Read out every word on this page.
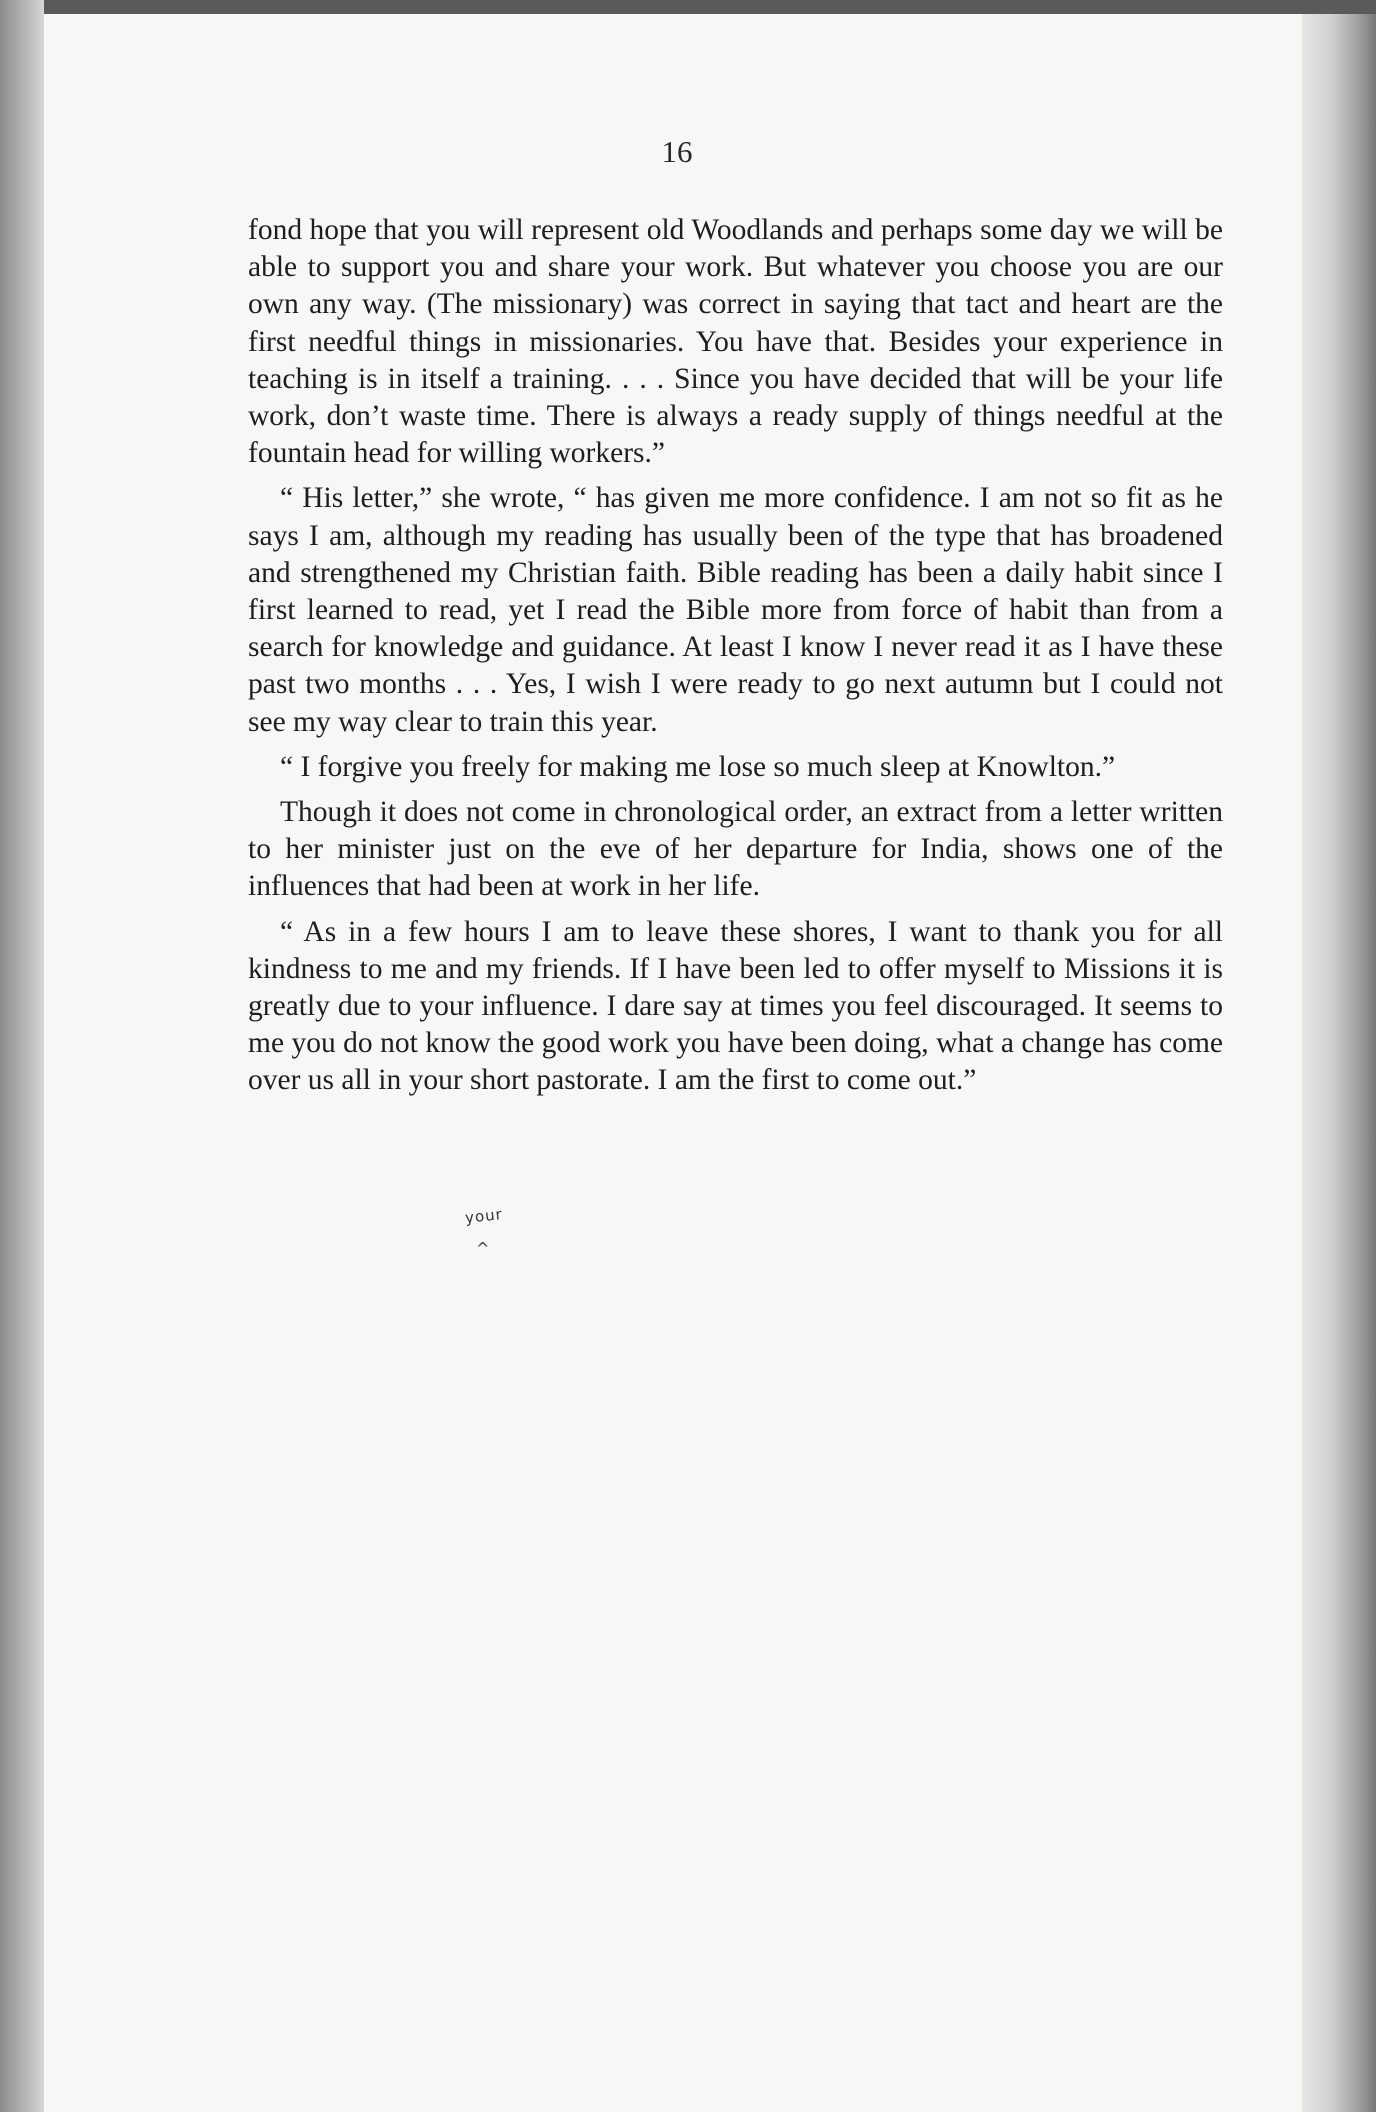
16

fond hope that you will represent old Woodlands and perhaps some day we will be able to support you and share your work. But whatever you choose you are our own any way. (The missionary) was correct in saying that tact and heart are the first needful things in missionaries. You have that. Besides your experience in teaching is in itself a training. . . . Since you have decided that will be your life work, don’t waste time. There is always a ready supply of things needful at the fountain head for willing workers.”

“ His letter,” she wrote, “ has given me more confidence. I am not so fit as he says I am, although my reading has usually been of the type that has broadened and strengthened my Christian faith. Bible reading has been a daily habit since I first learned to read, yet I read the Bible more from force of habit than from a search for knowledge and guidance. At least I know I never read it as I have these past two months . . . Yes, I wish I were ready to go next autumn but I could not see my way clear to train this year.

“ I forgive you freely for making me lose so much sleep at Knowlton.”

Though it does not come in chronological order, an extract from a letter written to her minister just on the eve of her departure for India, shows one of the influences that had been at work in her life.

“ As in a few hours I am to leave these shores, I want to thank you for all kindness to me and my friends. If I have been led to offer myself to Missions it is greatly due to your influence. I dare say at times you feel discouraged. It seems to me you do not know the good work you have been doing, what a change has come over us all in your short pastorate. I am the first to come out.”

your
^
